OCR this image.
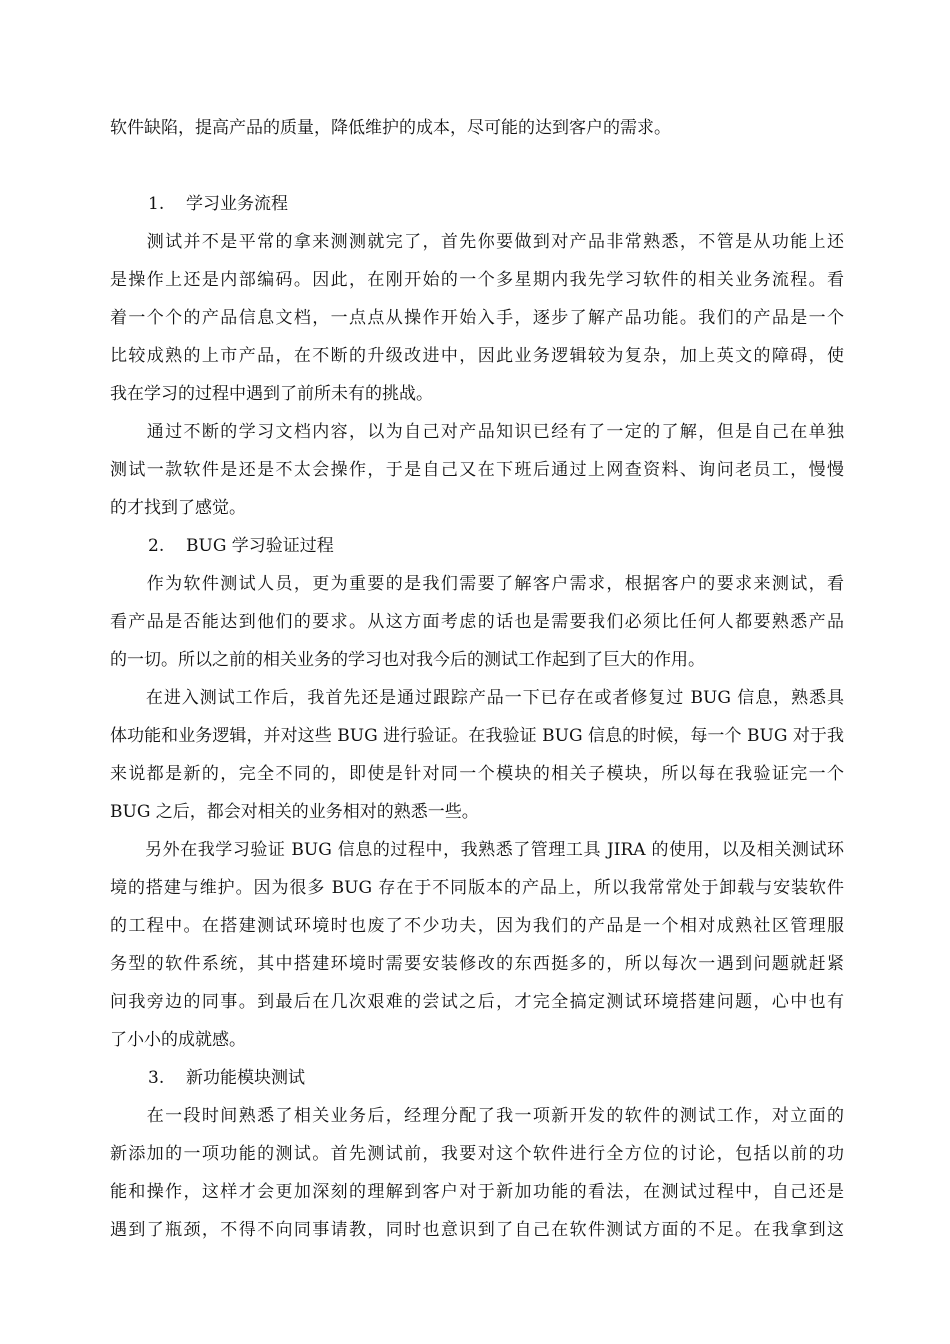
软件缺陷，提高产品的质量，降低维护的成本，尽可能的达到客户的需求。
1. 学习业务流程
　　测试并不是平常的拿来测测就完了，首先你要做到对产品非常熟悉，不管是从功能上还
是操作上还是内部编码。因此，在刚开始的一个多星期内我先学习软件的相关业务流程。看
着一个个的产品信息文档，一点点从操作开始入手，逐步了解产品功能。我们的产品是一个
比较成熟的上市产品，在不断的升级改进中，因此业务逻辑较为复杂，加上英文的障碍，使
我在学习的过程中遇到了前所未有的挑战。
　　通过不断的学习文档内容，以为自己对产品知识已经有了一定的了解，但是自己在单独
测试一款软件是还是不太会操作，于是自己又在下班后通过上网查资料、询问老员工，慢慢
的才找到了感觉。
2. BUG 学习验证过程
　　作为软件测试人员，更为重要的是我们需要了解客户需求，根据客户的要求来测试，看
看产品是否能达到他们的要求。从这方面考虑的话也是需要我们必须比任何人都要熟悉产品
的一切。所以之前的相关业务的学习也对我今后的测试工作起到了巨大的作用。
　　在进入测试工作后，我首先还是通过跟踪产品一下已存在或者修复过 BUG 信息，熟悉具
体功能和业务逻辑，并对这些 BUG 进行验证。在我验证 BUG 信息的时候，每一个 BUG 对于我
来说都是新的，完全不同的，即使是针对同一个模块的相关子模块，所以每在我验证完一个
BUG 之后，都会对相关的业务相对的熟悉一些。
　　另外在我学习验证 BUG 信息的过程中，我熟悉了管理工具 JIRA 的使用，以及相关测试环
境的搭建与维护。因为很多 BUG 存在于不同版本的产品上，所以我常常处于卸载与安装软件
的工程中。在搭建测试环境时也废了不少功夫，因为我们的产品是一个相对成熟社区管理服
务型的软件系统，其中搭建环境时需要安装修改的东西挺多的，所以每次一遇到问题就赶紧
问我旁边的同事。到最后在几次艰难的尝试之后，才完全搞定测试环境搭建问题，心中也有
了小小的成就感。
3. 新功能模块测试
　　在一段时间熟悉了相关业务后，经理分配了我一项新开发的软件的测试工作，对立面的
新添加的一项功能的测试。首先测试前，我要对这个软件进行全方位的讨论，包括以前的功
能和操作，这样才会更加深刻的理解到客户对于新加功能的看法，在测试过程中，自己还是
遇到了瓶颈，不得不向同事请教，同时也意识到了自己在软件测试方面的不足。在我拿到这
